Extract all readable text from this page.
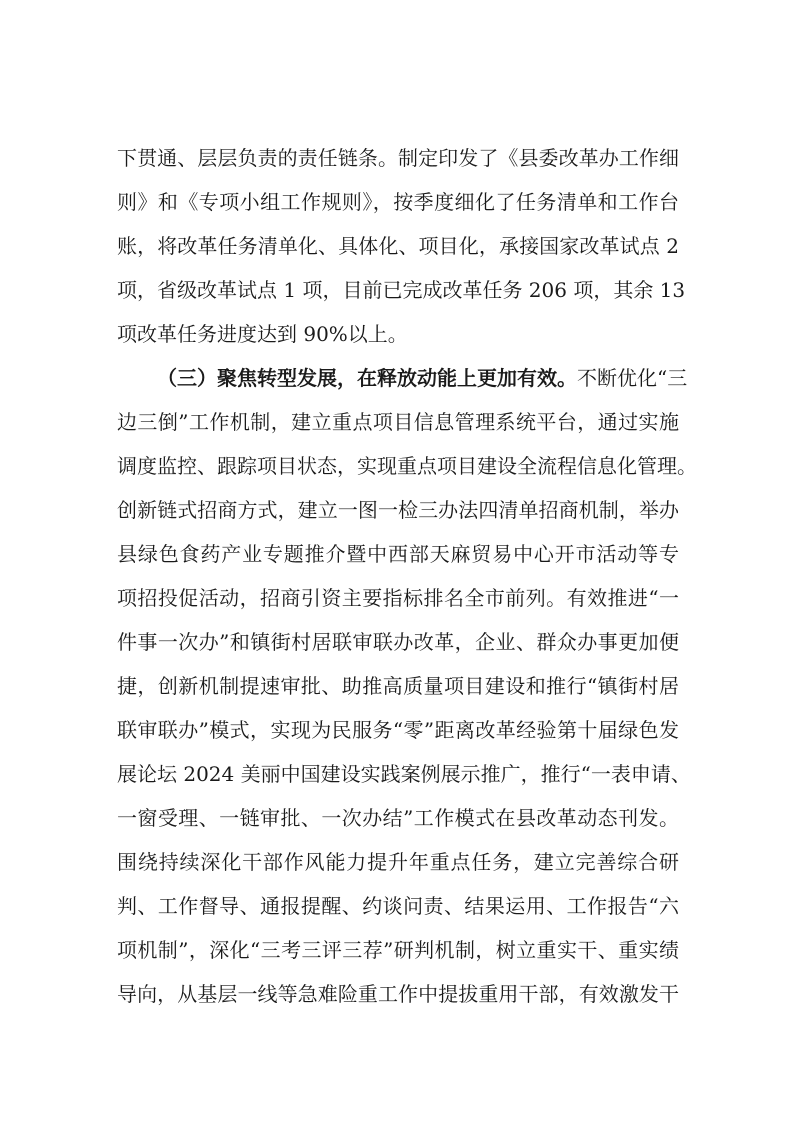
下贯通、层层负责的责任链条。制定印发了《县委改革办工作细
则》和《专项小组工作规则》，按季度细化了任务清单和工作台
账，将改革任务清单化、具体化、项目化，承接国家改革试点 2
项，省级改革试点 1 项，目前已完成改革任务 206 项，其余 13
项改革任务进度达到 90%以上。
（三）聚焦转型发展，在释放动能上更加有效。不断优化“三
边三倒”工作机制，建立重点项目信息管理系统平台，通过实施
调度监控、跟踪项目状态，实现重点项目建设全流程信息化管理。
创新链式招商方式，建立一图一检三办法四清单招商机制，举办
县绿色食药产业专题推介暨中西部天麻贸易中心开市活动等专
项招投促活动，招商引资主要指标排名全市前列。有效推进“一
件事一次办”和镇街村居联审联办改革，企业、群众办事更加便
捷，创新机制提速审批、助推高质量项目建设和推行“镇街村居
联审联办”模式，实现为民服务“零”距离改革经验第十届绿色发
展论坛 2024 美丽中国建设实践案例展示推广，推行“一表申请、
一窗受理、一链审批、一次办结”工作模式在县改革动态刊发。
围绕持续深化干部作风能力提升年重点任务，建立完善综合研
判、工作督导、通报提醒、约谈问责、结果运用、工作报告“六
项机制”，深化“三考三评三荐”研判机制，树立重实干、重实绩
导向，从基层一线等急难险重工作中提拔重用干部，有效激发干
